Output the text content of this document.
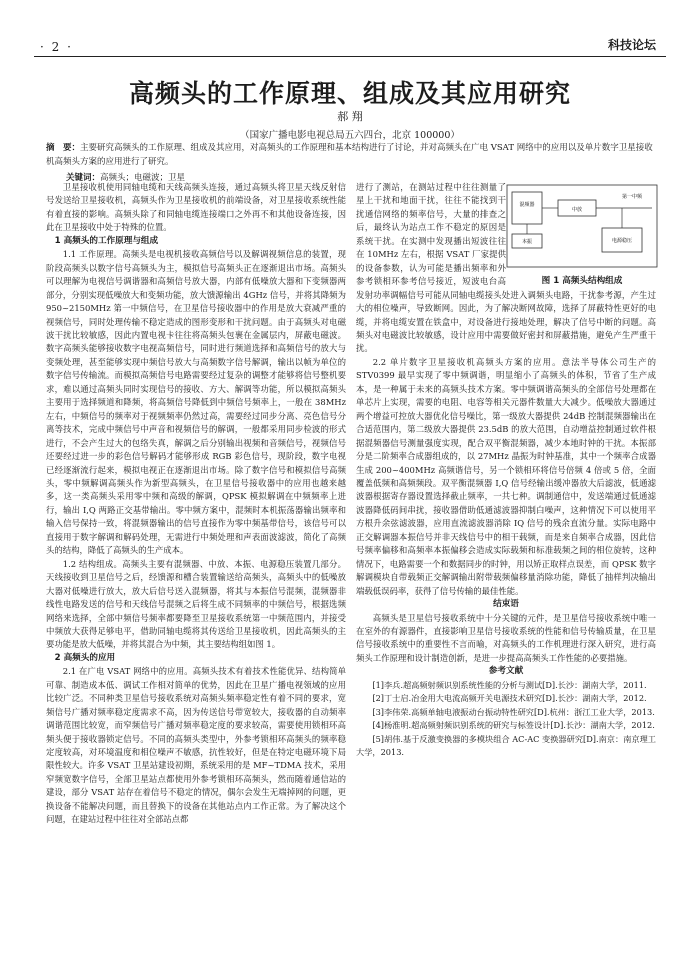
· 2 ·	科技论坛
高频头的工作原理、组成及其应用研究
郝 翔
（国家广播电影电视总局五六四台，北京 100000）
摘　要：主要研究高频头的工作原理、组成及其应用，对高频头的工作原理和基本结构进行了讨论，并对高频头在广电 VSAT 网络中的应用以及单片数字卫星接收机高频头方案的应用进行了研究。
关键词：高频头；电磁波；卫星

卫星接收机使用同轴电缆和天线高频头连接，通过高频头将卫星天线反射信号发送给卫星接收机，高频头作为卫星接收机的前端设备，对卫星接收系统性能有着直接的影响。高频头除了和同轴电缆连接端口之外再不和其他设备连接，因此在卫星接收中处于特殊的位置。

1 高频头的工作原理与组成

1.1 工作原理。高频头是电视机接收高频信号以及解调视频信息的装置，现阶段高频头以数字信号高频头为主，模拟信号高频头正在逐渐退出市场。高频头可以理解为电视信号调谐器和高频信号放大器，内部有低噪放大器和下变频器两部分，分别实现低噪放大和变频功能，放大馈源输出 4GHz 信号，并将其降频为 950~2150MHz 第一中频信号，在卫星信号接收器中的作用是放大衰减严重的视频信号，同时处理传输不稳定造成的图形变形和干扰问题。由于高频头对电磁波干扰比较敏感，因此内置电视卡往往将高频头包裹在金属层内，屏蔽电磁波。数字高频头能够接收数字电视高频信号，同时进行频道选择和高频信号的放大与变频处理，甚至能够实现中频信号放大与高频数字信号解调，输出以帧为单位的数字信号传输流。而模拟高频信号电路需要经过复杂的调整才能够将信号整机要求，难以通过高频头同时实现信号的接收、方大、解调等功能，所以模拟高频头主要用于选择频道和降频，将高频信号降低到中频信号频率上，一般在 38MHz 左右，中频信号的频率对于视频频率仍然过高，需要经过同步分离、亮色信号分离等技术，完成中频信号中声音和视频信号的解调，一般都采用同步检波的形式进行，不会产生过大的包络失真，解调之后分别输出视频和音频信号，视频信号还要经过进一步的彩色信号解码才能够形成 RGB 彩色信号，现阶段，数字电视已经逐渐流行起来，模拟电视正在逐渐退出市场。除了数字信号和模拟信号高频头，零中频解调高频头作为新型高频头，在卫星信号接收器中的应用也越来越多，这一类高频头采用零中频和高级的解调，QPSK 模拟解调在中频频率上进行，输出 I,Q 两路正交基带输出。零中频方案中，混频时本机振荡器输出频率和输入信号保持一致，将混频器输出的信号直接作为零中频基带信号，该信号可以直接用于数字解调和解码处理，无需进行中频处理和声表面波滤波，简化了高频头的结构，降低了高频头的生产成本。

1.2 结构组成。高频头主要有混频器、中放、本振、电源稳压装置几部分。天线接收到卫星信号之后，经馈源和槽合装置输送给高频头，高频头中的低噪放大器对低噪进行放大，放大后信号送入混频器，将其与本振信号混频，混频器非线性电路发送的信号和天线信号混频之后将生成不同频率的中频信号，根据选频网络来选择，全部中频信号频率都要降至卫星接收系统第一中频范围内，并接受中频放大获得足够电平，借助同轴电缆将其传送给卫星接收机，因此高频头的主要功能是放大低噪，并将其混合为中频，其主要结构组如图 1。

2 高频头的应用

2.1 在广电 VSAT 网络中的应用。高频头技术有着技术性能优异、结构简单可靠、制造成本低、调试工作相对简单的优势，因此在卫星广播电视领域的应用比较广泛。不同种类卫星信号接收系统对高频头频率稳定性有着不同的要求，宽频信号广播对频率稳定度需求不高，因为传送信号带宽较大，接收器的自动频率调谐范围比较宽，而窄频信号广播对频率稳定度的要求较高，需要使用锁相环高频头便于接收器锁定信号。不同的高频头类型中，外参考锁相环高频头的频率稳定度较高，对环境温度和相位噪声不敏感，抗性较好，但是在特定电磁环境下局限性较大。许多 VSAT 卫星站建设初期，系统采用的是 MF~TDMA 技术，采用窄频宽数字信号，全部卫星站点都使用外参考锁相环高频头，然而随着通信站的建设，部分 VSAT 站存在着信号不稳定的情况，偶尔会发生无端掉网的问题，更换设备不能解决问题，而且替换下的设备在其他站点内工作正常。为了解决这个问题，在建站过程中往往对全部站点都

进行了测站，在测站过程中往往测量了星上干扰和地面干扰，往往不能找到干扰通信网络的频率信号，大量的排查之后，最终认为站点工作不稳定的原因是系统干扰。在实测中发现播出短波往往在 10MHz 左右，根据 VSAT 厂家提供的设备参数，认为可能是播出频率和外参考锁相环参考信号接近，短波电台高发射功率调幅信号可能从同轴电缆接头处进入调频头电路，干扰参考源，产生过大的相位噪声，导致断网。因此，为了解决断网故障，选择了屏蔽特性更好的电缆，并将电缆安置在铁盒中，对设备进行接地处理，解决了信号中断的问题。高频头对电磁波比较敏感，设计应用中需要做好密封和屏蔽措施，避免产生严重干扰。

2.2 单片数字卫星接收机高频头方案的应用。意法半导体公司生产的 STV0399 最早实现了零中频调谐，明显缩小了高频头的体积，节省了生产成本，是一种属于未来的高频头技术方案。零中频调谐高频头的全部信号处理都在单芯片上实现，需要的电阻、电容等相关元器件数量大大减少。低噪放大器通过两个增益可控放大器优化信号噪比，第一级放大器提供 24dB 控制混频器输出在合适范围内，第二级放大器提供 23.5dB 的放大范围，自动增益控制通过软件根据混频器信号测量强度实现，配合双平衡混频器，减少本地时钟的干扰。本振部分是二阶频率合成器组成的，以 27MHz 晶振为时钟基准，其中一个频率合成器生成 200~400MHz 高频谐信号，另一个锁相环将信号倍频 4 倍或 5 倍，全面覆盖低频和高频频段。双平衡混频器 I,Q 信号经输出缓冲器放大后滤波，低通滤波器根据寄存器设置选择截止频率，一共七种。调制通信中，发送端通过低通滤波器降低码间串扰，接收器借助低通滤波器抑制白噪声，这种情况下可以使用平方根升余弦滤波器，应用直流滤波器消除 IQ 信号的残余直流分量。实际电路中正交解调器本振信号并非天线信号中的相干载频，而是来自频率合成器，因此信号频率偏移和高频率本振偏移会造成实际载频和标准载频之间的相位旋转，这种情况下，电路需要一个和数据同步的时钟，用以矫正取样点误差，而 QPSK 数字解调模块自带载频正交解调输出附带载频偏移量消除功能，降低了抽样判决输出端载低误码率，获得了信号传输的最佳性能。

结束语

高频头是卫星信号接收系统中十分关键的元件，是卫星信号接收系统中唯一在室外的有源器件，直接影响卫星信号接收系统的性能和信号传输质量，在卫星信号接收系统中的重要性不言而喻，对高频头的工作机理进行深入研究，进行高频头工作原理和设计制造创新，是进一步提高高频头工作性能的必要措施。

参考文献

[1]李兵.超高频射频识别系统性能的分析与测试[D].长沙：湖南大学，2011.

[2]丁士启.冶金用大电流高频开关电源技术研究[D].长沙：湖南大学，2012.

[3]李伟荣.高频单轴电液振动台振动特性研究[D].杭州：浙江工业大学，2013.

[4]杨淮明.超高频射频识别系统的研究与标签设计[D].长沙：湖南大学，2012.

[5]胡伟.基于反激变换器的多模块组合 AC-AC 变换器研究[D].南京：南京理工大学，2013.

混频器
中放
本振	电源稳压
第一中频
图 1 高频头结构组成
